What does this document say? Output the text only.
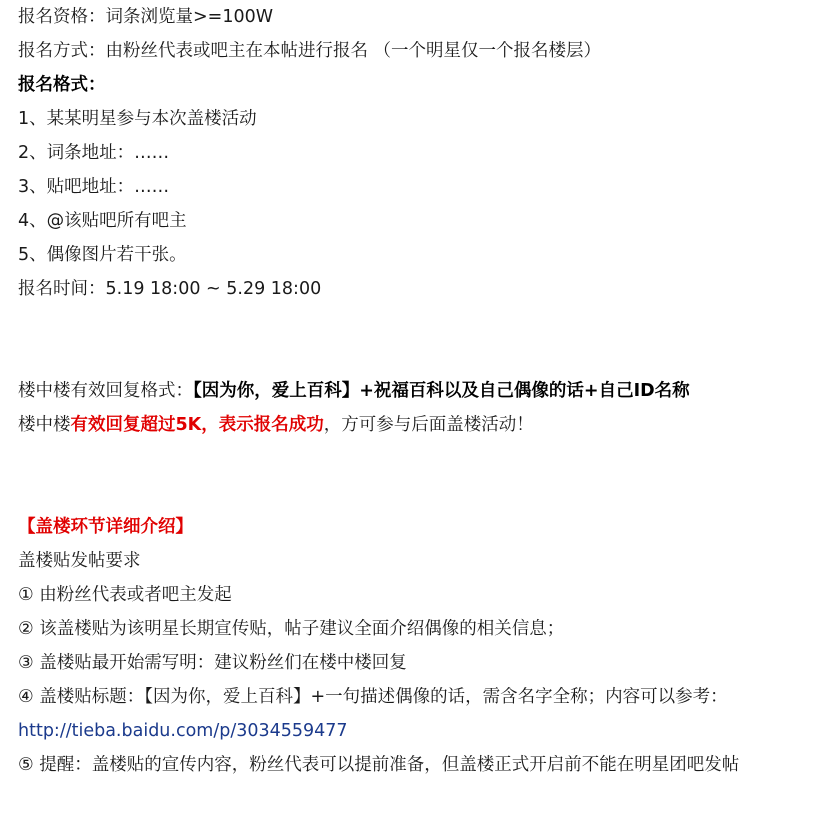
报名资格：词条浏览量>=100W
报名方式：由粉丝代表或吧主在本帖进行报名 （一个明星仅一个报名楼层）
报名格式：
1、某某明星参与本次盖楼活动
2、词条地址：……
3、贴吧地址：……
4、@该贴吧所有吧主
5、偶像图片若干张。
报名时间：5.19 18:00 ~ 5.29 18:00
楼中楼有效回复格式：【因为你，爱上百科】+祝福百科以及自己偶像的话+自己ID名称
楼中楼有效回复超过5K，表示报名成功，方可参与后面盖楼活动！
【盖楼环节详细介绍】
盖楼贴发帖要求
① 由粉丝代表或者吧主发起
② 该盖楼贴为该明星长期宣传贴，帖子建议全面介绍偶像的相关信息；
③ 盖楼贴最开始需写明：建议粉丝们在楼中楼回复
④ 盖楼贴标题：【因为你，爱上百科】+一句描述偶像的话，需含名字全称；内容可以参考：
http://tieba.baidu.com/p/3034559477
⑤ 提醒：盖楼贴的宣传内容，粉丝代表可以提前准备，但盖楼正式开启前不能在明星团吧发帖
